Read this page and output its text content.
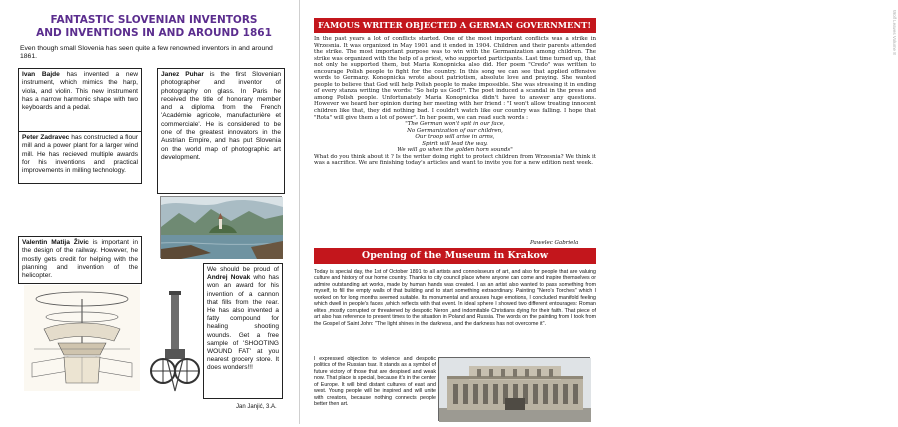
FANTASTIC SLOVENIAN INVENTORS
AND INVENTIONS IN AND AROUND 1861
Even though small Slovenia has seen quite a few renowned inventors in and around 1861.
Ivan Bajde has invented a new instrument, which mimics the harp, viola, and violin. This new instrument has a narrow harmonic shape with two keyboards and a pedal.
Janez Puhar is the first Slovenian photographer and inventor of photography on glass. In Paris he received the title of honorary member and a diploma from the French 'Académie agricole, manufacturière et commerciale'. He is considered to be one of the greatest innovators in the Austrian Empire, and has put Slovenia on the world map of photographic art development.
Peter Zadravec has constructed a flour mill and a power plant for a larger wind mill. He has recieved multiple awards for his inventions and practical improvements in milling technology.
Valentin Matija Živic is important in the design of the railway. However, he mostly gets credit for helping with the planning and invention of the helicopter.
We should be proud of Andrej Novak who has won an award for his invention of a cannon that fills from the rear. He has also invented a fatty compound for healing shooting wounds. Get a free sample of 'SHOOTING WOUND FAT' at you nearest grocery store. It does wonders!!!
Jan Janjić, 3.A.
FAMOUS WRITER OBJECTED A GERMAN GOVERNMENT!
In the past years a lot of conflicts started. One of the most important conflicts was a strike in Wrzesnia. It was organized in May 1901 and it ended in 1904. Children and their parents attended the strike. The most important purpose was to win with the Germanization among children. The strike was organized with the help of a priest, who supported participants. Last time turned up, that not only he supported them, but Maria Konopnicka also did. Her poem "Credo" was written to encourage Polish people to fight for the country. In this song we can see that applied offensive words to Germany. Konopnicka wrote about patriotism, absolute love and praying. She wanted people to believe that God will help Polish people to make impossible. She was stressing it in ending of every stanza writing the words: "So help us God!". The poet induced a scandal in the press and among Polish people. Unfortunately Maria Konopnicka didn't have to answer any questions. However we heard her opinion during her meeting with her friend : "I won't allow treating innocent children like that, they did nothing bad. I couldn't watch like our country was falling. I hope that "Rota" will give them a lot of power". In her poem, we can read such words :
"The German won't spit in our face,
No Germanization of our children,
Our troop will arise in arms,
Spirit will lead the way.
We will go when the golden horn sounds"
What do you think about it ? Is the writer doing right to protect children from Wrzesnia? We think it was a sacrifice. We are finishing today's articles and want to invite you for a new edition next week.
Pawelec Gabriela
Opening of the Museum in Krakow
Today is special day, the 1st of October 1891 to all artists and connoisseurs of art, and also for people that are valuing culture and history of our home country. Thanks to city council place where anyone can come and inspire themselves or admire outstanding art works, made by human hands was created. I as an artist also wanted to pass something from myself, to fill the empty walls of that building and to start something extraordinary. Painting "Nero's Torches" which I worked on for long months seemed suitable. Its monumental and arouses huge emotions, I concluded manifold feeling which dwell in people's faces ,which reflects with that event. In ideal sphere I showed two different entourages: Roman elites ,mostly corrupted or threatened by despotic Neron ,and indomitable Christians dying for their faith. That piece of art also has reference to present times to the situation in Poland and Russia. The words on the painting from I took from the Gospel of Saint John: "The light shines in the darkness, and the darkness has not overcome it".
I expressed objection to violence and despotic politics of the Russian tsar. It stands as a symbol of future victory of those that are despised and weak now. That place is special, because it's in the center of Europe. It will bind distant cultures of east and west. Young people will be inspired and will unite with creators, because nothing connects people better then art.
Wolf Leaves Volume 8
